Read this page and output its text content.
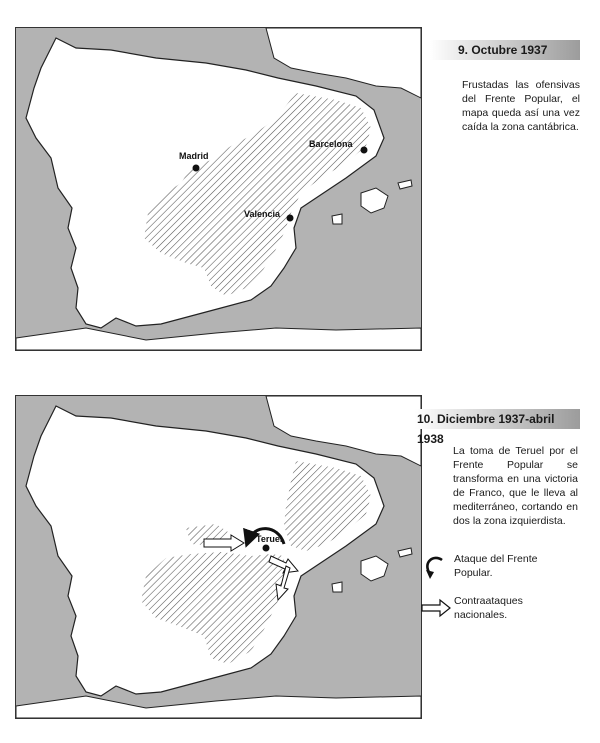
Madrid
Barcelona
Valencia
9. Octubre 1937
Frustadas las ofensivas del Frente Popular, el mapa queda así una vez caída la zona cantábrica.
Teruel
10. Diciembre 1937-abril 1938
La toma de Teruel por el Frente Popular se transforma en una victoria de Franco, que le lleva al mediterráneo, cortando en dos la zona izquierdista.
Ataque del Frente Popular.
Contraataques nacionales.
